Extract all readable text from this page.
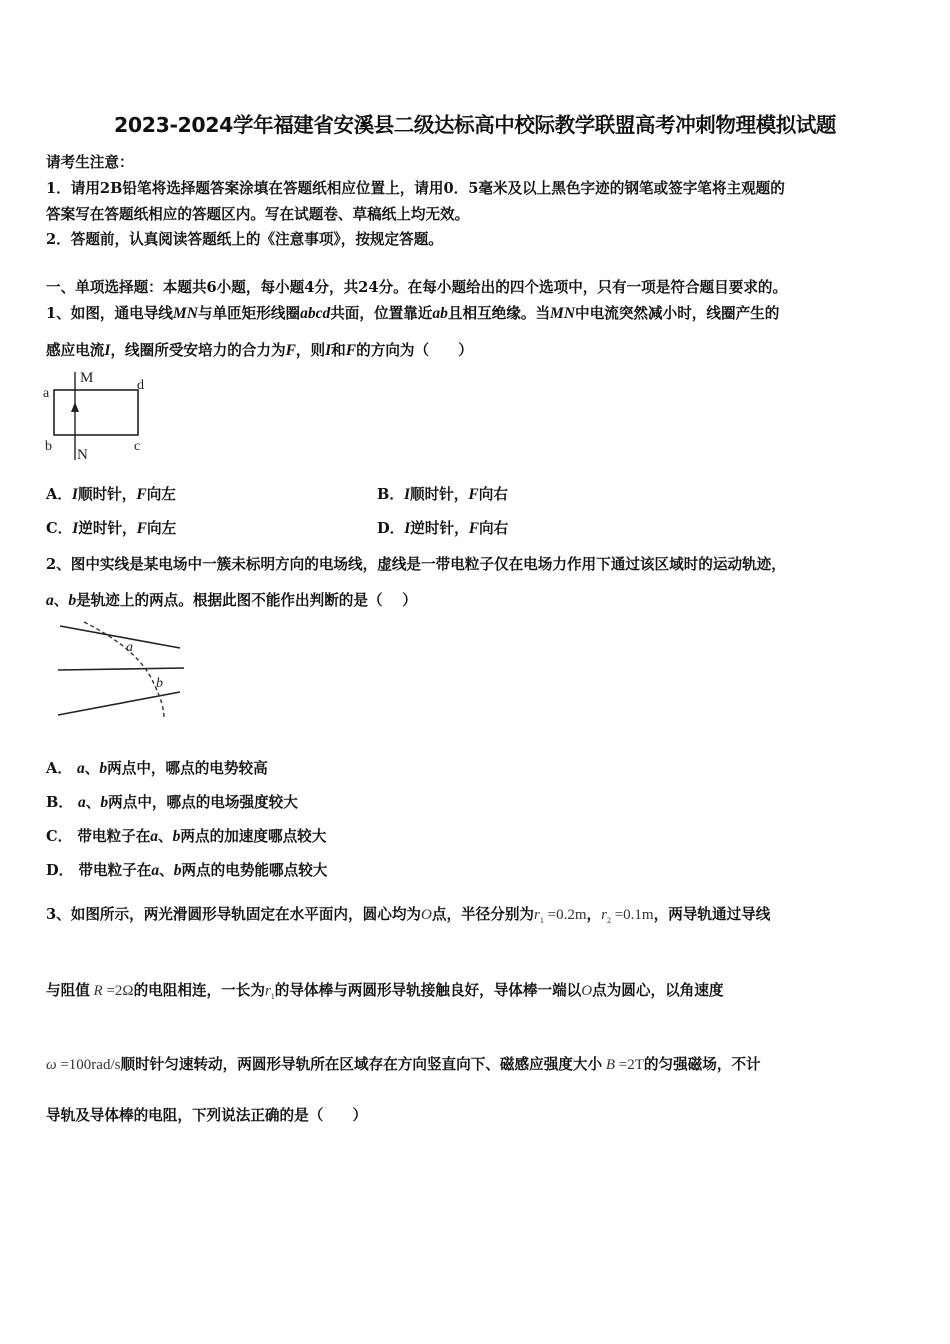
2023-2024学年福建省安溪县二级达标高中校际教学联盟高考冲刺物理模拟试题
请考生注意：
1．请用2B铅笔将选择题答案涂填在答题纸相应位置上，请用0．5毫米及以上黑色字迹的钢笔或签字笔将主观题的
答案写在答题纸相应的答题区内。写在试题卷、草稿纸上均无效。
2．答题前，认真阅读答题纸上的《注意事项》，按规定答题。
一、单项选择题：本题共6小题，每小题4分，共24分。在每小题给出的四个选项中，只有一项是符合题目要求的。
1、如图，通电导线MN与单匝矩形线圈abcd共面，位置靠近ab且相互绝缘。当MN中电流突然减小时，线圈产生的
感应电流I，线圈所受安培力的合力为F，则I和F的方向为（　　）
M
N
a
b	c
d
A．I顺时针，F向左	B．I顺时针，F向右
C．I逆时针，F向左	D．I逆时针，F向右
2、图中实线是某电场中一簇未标明方向的电场线，虚线是一带电粒子仅在电场力作用下通过该区域时的运动轨迹，
a、b是轨迹上的两点。根据此图不能作出判断的是（　 ）
a
b
A． a、b两点中，哪点的电势较高
B． a、b两点中，哪点的电场强度较大
C． 带电粒子在a、b两点的加速度哪点较大
D． 带电粒子在a、b两点的电势能哪点较大
3、如图所示，两光滑圆形导轨固定在水平面内，圆心均为O点，半径分别为$r_1 =0.2m$，$r_2 =0.1m$，两导轨通过导线
与阻值 R =2Ω的电阻相连，一长为$r_1$的导体棒与两圆形导轨接触良好，导体棒一端以O点为圆心，以角速度
ω =100rad/s顺时针匀速转动，两圆形导轨所在区域存在方向竖直向下、磁感应强度大小 B =2T的匀强磁场，不计
导轨及导体棒的电阻，下列说法正确的是（　　）
